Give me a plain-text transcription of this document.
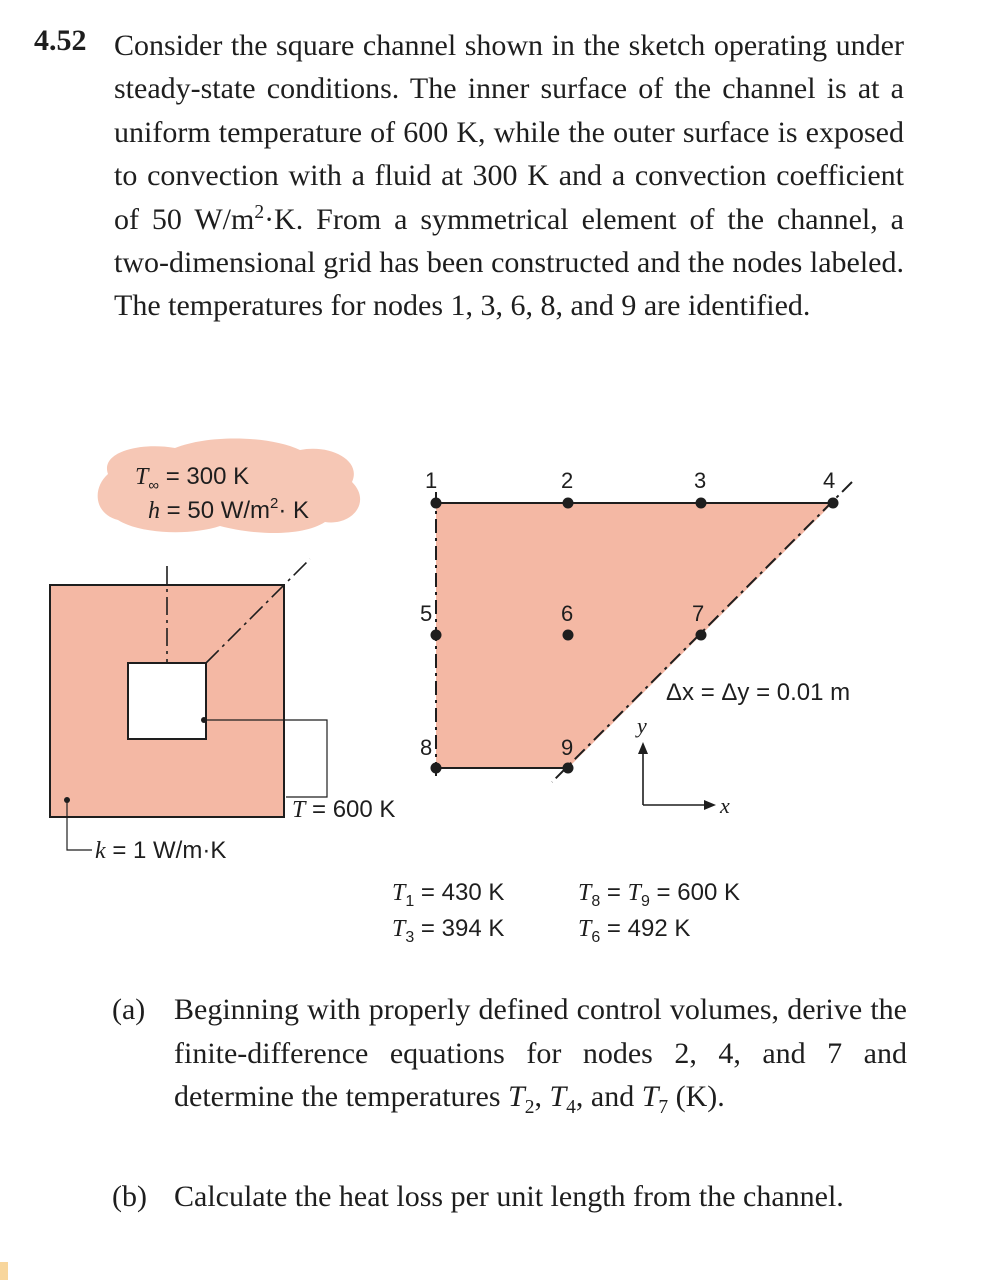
4.52 Consider the square channel shown in the sketch operating under steady-state conditions. The inner surface of the channel is at a uniform temperature of 600 K, while the outer surface is exposed to convection with a fluid at 300 K and a convection coefficient of 50 $W/m^2\cdot K$. From a symmetrical element of the channel, a two-dimensional grid has been constructed and the nodes labeled. The temperatures for nodes 1, 3, 6, 8, and 9 are identified.

$T_\infty = 300$ K
h = 50 $W/m^2\cdot K$
T = 600 K
k = 1 W/m·K
1	2	3	4
5	6	7
8	9
Δx = Δy = 0.01 m
y
x
$T_1 = 430$ K
$T_3 = 394$ K
$T_8 = T_9 = 600$ K
$T_6 = 492$ K
(a) Beginning with properly defined control volumes, derive the finite-difference equations for nodes 2, 4, and 7 and determine the temperatures $T_2$, $T_4$, and $T_7$ (K).
(b) Calculate the heat loss per unit length from the channel.
